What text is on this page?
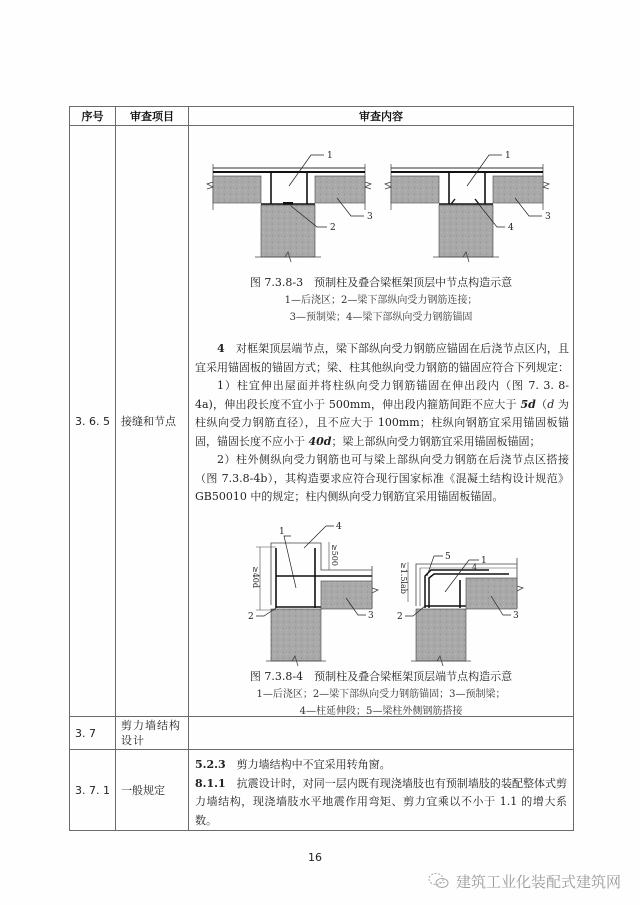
序号	审查项目	审查内容
3. 6. 5	接缝和节点	
1
2
3
1
4
3
图 7.3.8-3　预制柱及叠合梁框架顶层中节点构造示意
1—后浇区；2—梁下部纵向受力钢筋连接；
3—预制梁；4—梁下部纵向受力钢筋锚固
4　 对框架顶层端节点，梁下部纵向受力钢筋应锚固在后浇节点区内，且宜采用锚固板的锚固方式；梁、柱其他纵向受力钢筋的锚固应符合下列规定：
1）柱宜伸出屋面并将柱纵向受力钢筋锚固在伸出段内（图 7. 3. 8-4a)，伸出段长度不宜小于 500mm，伸出段内箍筋间距不应大于 5d（d 为柱纵向受力钢筋直径），且不应大于 100mm；柱纵向钢筋宜采用锚固板锚固，锚固长度不应小于 40d；梁上部纵向受力钢筋宜采用锚固板锚固；
2）柱外侧纵向受力钢筋也可与梁上部纵向受力钢筋在后浇节点区搭接（图 7.3.8-4b），其构造要求应符合现行国家标准《混凝土结构设计规范》GB50010 中的规定；柱内侧纵向受力钢筋宜采用锚固板锚固。
≥40d
≥500
1
2	3
4
≥1.5lab
1
2	3
4
5
图 7.3.8-4　预制柱及叠合梁框架顶层端节点构造示意
1—后浇区；2—梁下部纵向受力钢筋锚固；3—预制梁；
4—柱延伸段；5—梁柱外侧钢筋搭接

3. 7	剪力墙结构设计	
3. 7. 1	一般规定	5.2.3　 剪力墙结构中不宜采用转角窗。
8.1.1　 抗震设计时，对同一层内既有现浇墙肢也有预制墙肢的装配整体式剪力墙结构，现浇墙肢水平地震作用弯矩、剪力宜乘以不小于 1.1 的增大系数。
16
建筑工业化装配式建筑网
